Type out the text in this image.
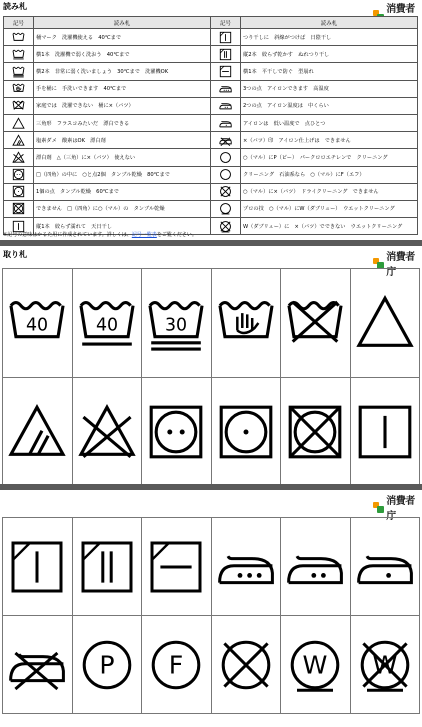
読み札	消費者
記号	読み札	記号	読み札

	桶マーク　洗濯機使える　40℃まで		つり干しに　斜線がつけば　日陰干し

	横1本　洗濯機で弱く洗おう　40℃まで		縦2本　絞らず乾かす　ぬれつり干し

	横2本　非常に弱く洗いましょう　30℃まで　洗濯機OK		横1本　平干しで防ぐ　型崩れ

	手を桶に　手洗いできます　40℃まで		3つの点　アイロンできます　高温度

	家庭では　洗濯できない　桶に×（バツ）		2つの点　アイロン温度は　中くらい

	三角形　フラスコみたいだ　漂白できる		アイロンは　低い温度で　点ひとつ

	塩素ダメ　酸素はOK　漂白剤		×（バツ）印　アイロン仕上げは　できません

	漂白剤　△（三角）に×（バツ）　使えない		○（マル）にP（ピー）　パークロロエチレンで　クリーニング

	□（四角）の中に　○と点2個　タンブル乾燥　80℃まで		クリーニング　石油系なら　○（マル）にF（エフ）

	1個の点　タンブル乾燥　60℃まで		○（マル）に×（バツ）　ドライクリーニング　できません

	できません　□（四角）に○（マル）の　タンブル乾燥		プロの技　○（マル）にW（ダブリュー）　ウエットクリーニング

	縦1本　絞らず濡れて　天日干し		W（ダブリュー）に　×（バツ）でできない　ウエットクリーニング
※記号の意味はかるた用に作成されています。詳しくは、記号一覧表をご覧ください。
取り札	消費者庁
40	40	30

消費者庁

P	F		W	W
